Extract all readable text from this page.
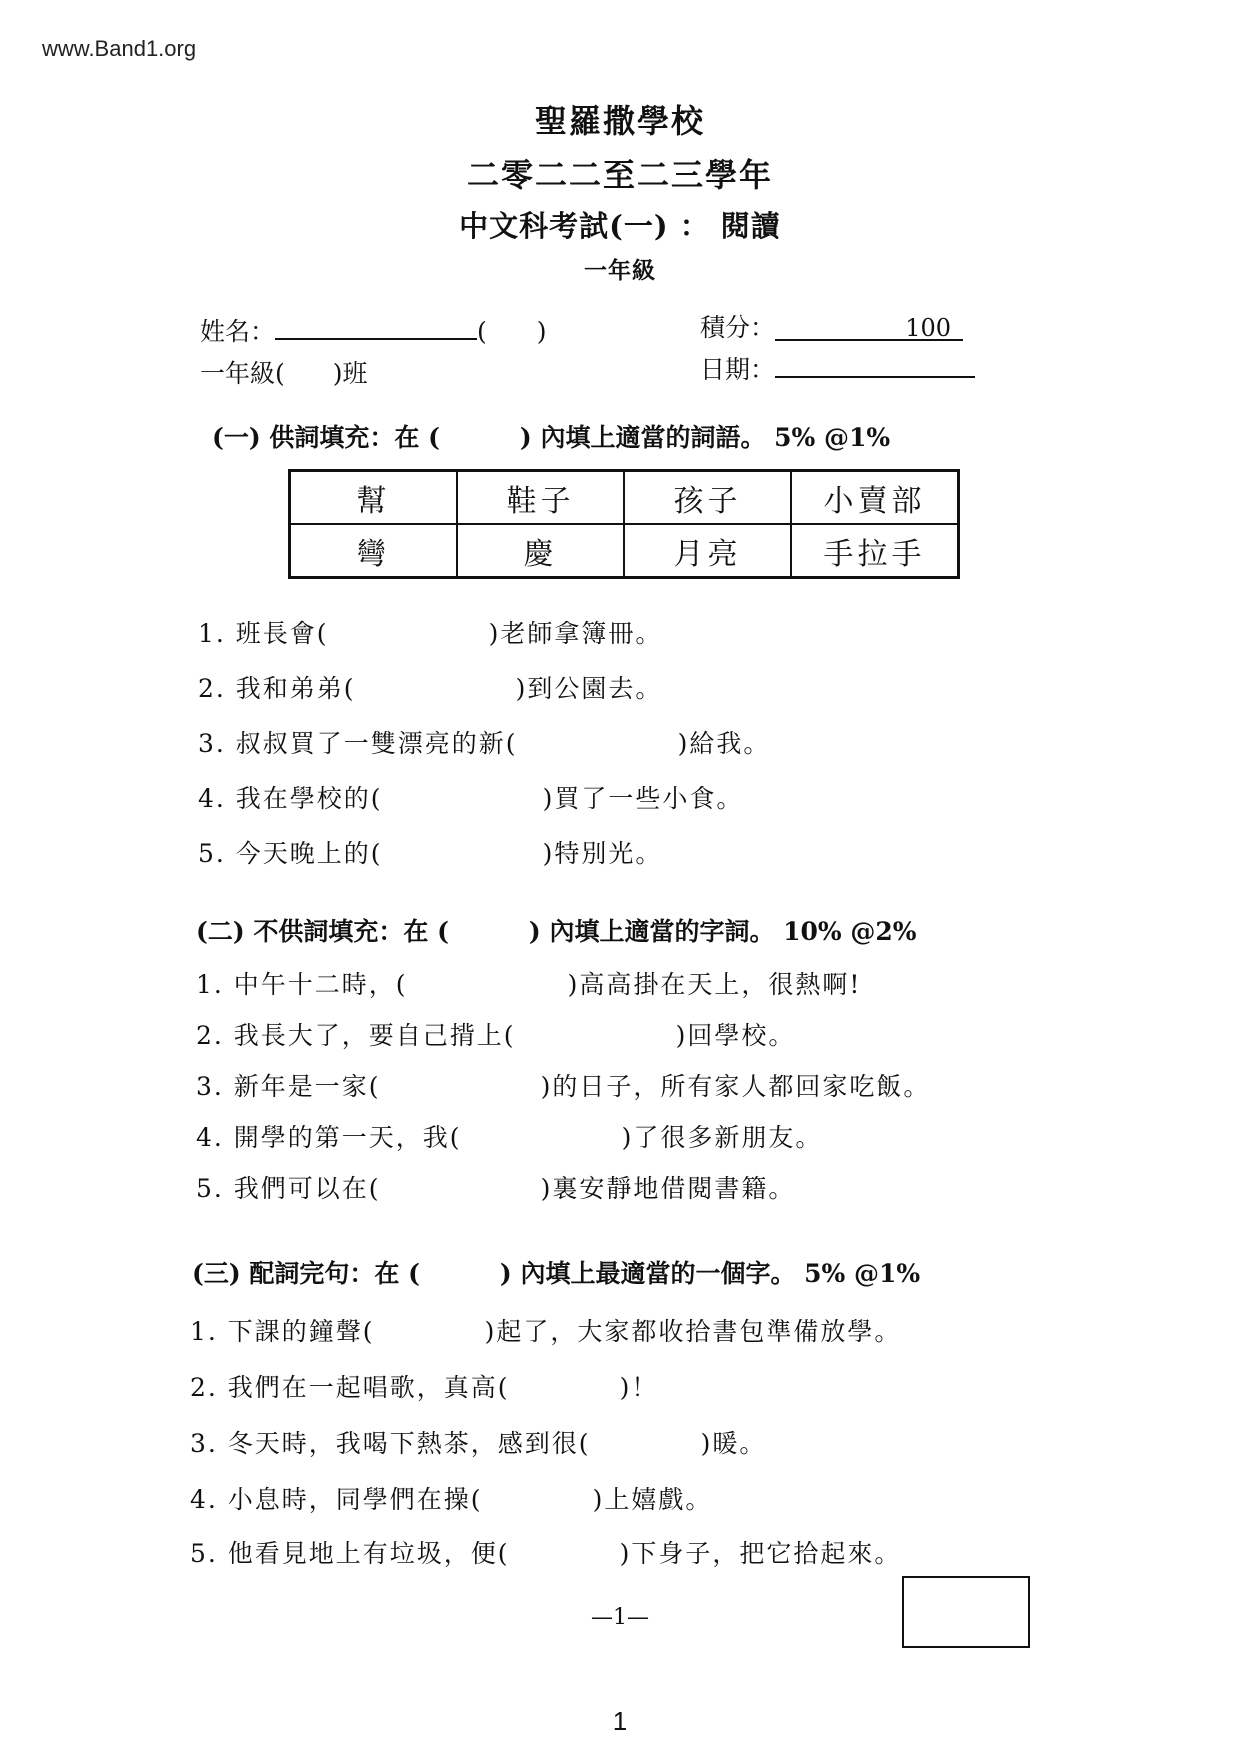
www.Band1.org
聖羅撒學校
二零二二至二三學年
中文科考試(一) ： 閱讀
一年級
姓名：	(　　)	積分：	100
一年級( )班	日期：
(一) 供詞填充：在 (	) 內填上適當的詞語。 5% @1%
幫	鞋子	孩子	小賣部
彎	慶	月亮	手拉手
1. 班長會(	)老師拿簿冊。
2. 我和弟弟(	)到公園去。
3. 叔叔買了一雙漂亮的新(	)給我。
4. 我在學校的(	)買了一些小食。
5. 今天晚上的(	)特別光。
(二) 不供詞填充：在 (	) 內填上適當的字詞。 10% @2%
1. 中午十二時，(	)高高掛在天上，很熱啊!
2. 我長大了，要自己揹上(	)回學校。
3. 新年是一家(	)的日子，所有家人都回家吃飯。
4. 開學的第一天，我(	)了很多新朋友。
5. 我們可以在(	)裏安靜地借閱書籍。
(三) 配詞完句：在 (	) 內填上最適當的一個字。 5% @1%
1. 下課的鐘聲(	)起了，大家都收拾書包準備放學。
2. 我們在一起唱歌，真高(	)！
3. 冬天時，我喝下熱茶，感到很(	)暖。
4. 小息時，同學們在操(	)上嬉戲。
5. 他看見地上有垃圾，便(	)下身子，把它拾起來。
—1—
1
